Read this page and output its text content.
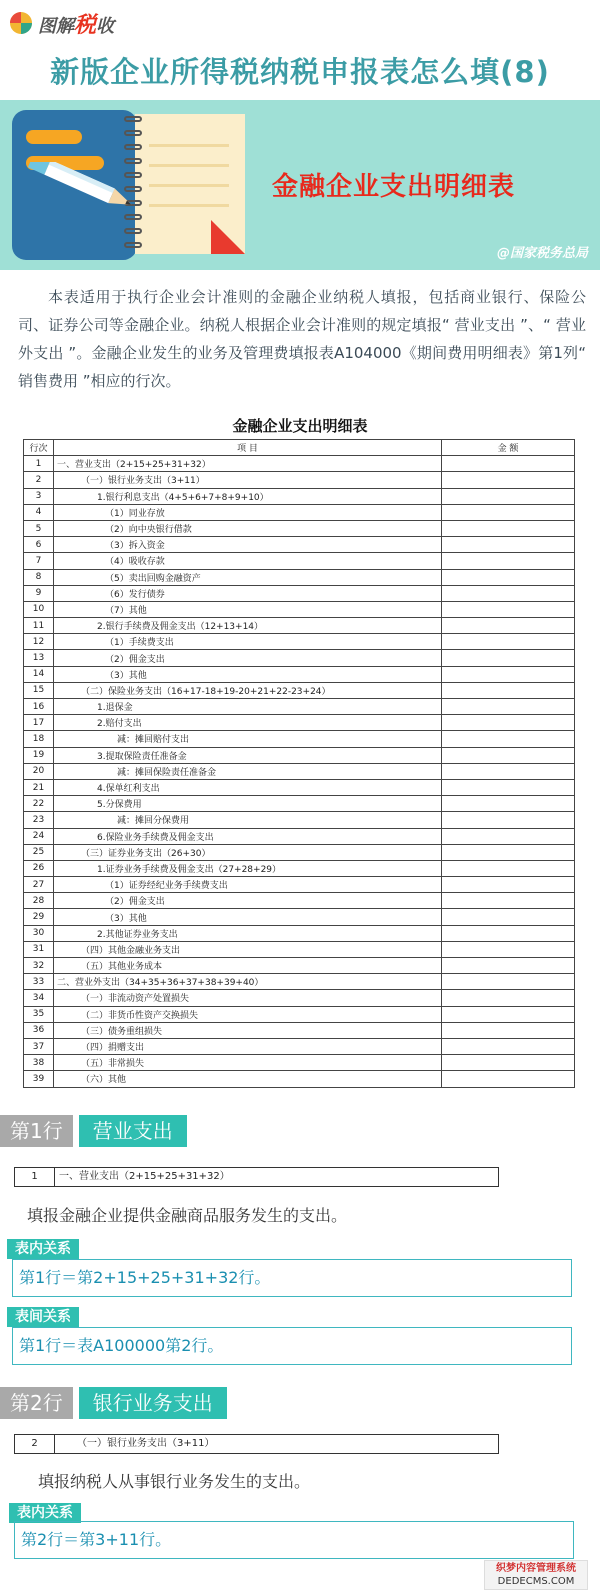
图解税收
新版企业所得税纳税申报表怎么填(8)
金融企业支出明细表
@国家税务总局
本表适用于执行企业会计准则的金融企业纳税人填报，包括商业银行、保险公司、证券公司等金融企业。纳税人根据企业会计准则的规定填报“ 营业支出 ”、“ 营业外支出 ”。金融企业发生的业务及管理费填报表A104000《期间费用明细表》第1列“ 销售费用 ”相应的行次。
金融企业支出明细表
行次	项 目	金 额
1	一、营业支出（2+15+25+31+32）	
2	（一）银行业务支出（3+11）	
3	1.银行利息支出（4+5+6+7+8+9+10）	
4	（1）同业存放	
5	（2）向中央银行借款	
6	（3）拆入资金	
7	（4）吸收存款	
8	（5）卖出回购金融资产	
9	（6）发行债券	
10	（7）其他	
11	2.银行手续费及佣金支出（12+13+14）	
12	（1）手续费支出	
13	（2）佣金支出	
14	（3）其他	
15	（二）保险业务支出（16+17-18+19-20+21+22-23+24）	
16	1.退保金	
17	2.赔付支出	
18	减：摊回赔付支出	
19	3.提取保险责任准备金	
20	减：摊回保险责任准备金	
21	4.保单红利支出	
22	5.分保费用	
23	减：摊回分保费用	
24	6.保险业务手续费及佣金支出	
25	（三）证券业务支出（26+30）	
26	1.证券业务手续费及佣金支出（27+28+29）	
27	（1）证券经纪业务手续费支出	
28	（2）佣金支出	
29	（3）其他	
30	2.其他证券业务支出	
31	（四）其他金融业务支出	
32	（五）其他业务成本	
33	二、营业外支出（34+35+36+37+38+39+40）	
34	（一）非流动资产处置损失	
35	（二）非货币性资产交换损失	
36	（三）债务重组损失	
37	（四）捐赠支出	
38	（五）非常损失	
39	（六）其他	
第1行	营业支出
1	一、营业支出（2+15+25+31+32）
填报金融企业提供金融商品服务发生的支出。
表内关系
第1行＝第2+15+25+31+32行。
表间关系
第1行＝表A100000第2行。
第2行	银行业务支出
2	（一）银行业务支出（3+11）
填报纳税人从事银行业务发生的支出。
表内关系
第2行＝第3+11行。
织梦内容管理系统
DEDECMS.COM
